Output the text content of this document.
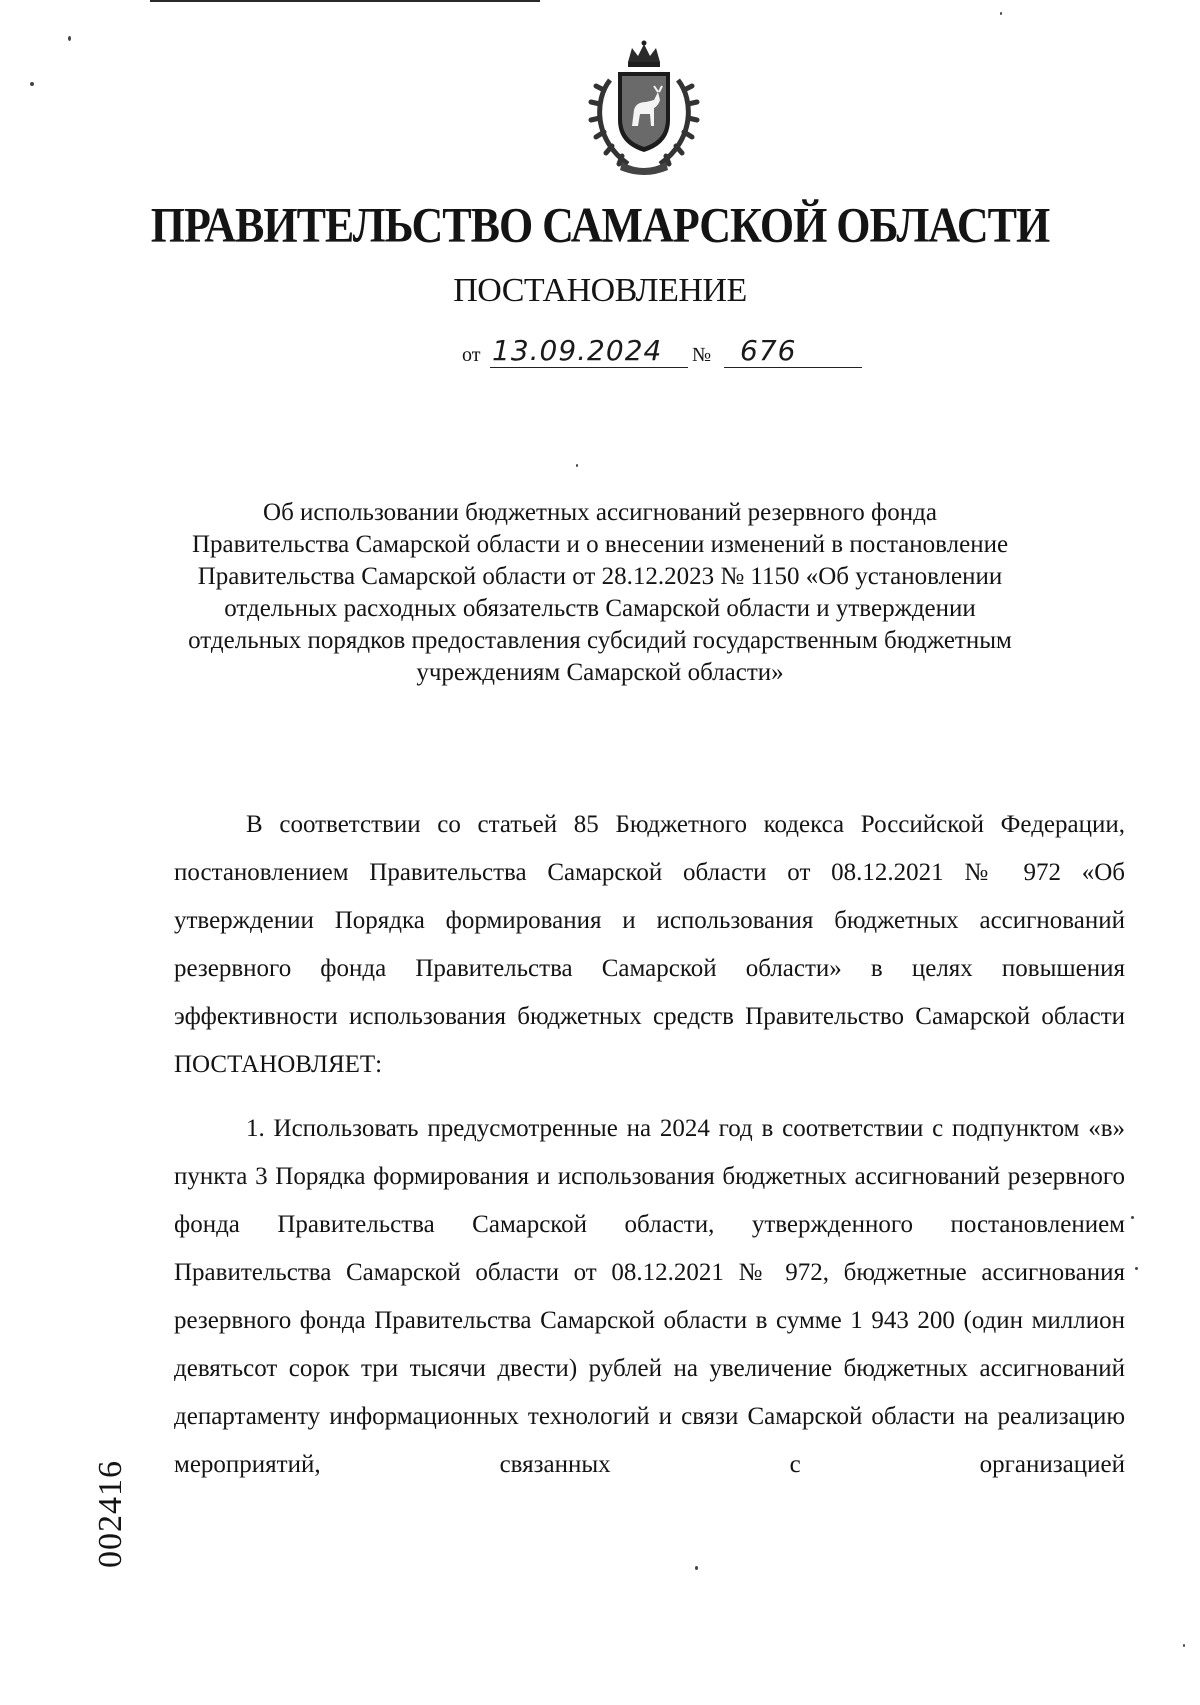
ПРАВИТЕЛЬСТВО САМАРСКОЙ ОБЛАСТИ
ПОСТАНОВЛЕНИЕ
от 13.09.2024 № 676
Об использовании бюджетных ассигнований резервного фонда
Правительства Самарской области и о внесении изменений в постановление
Правительства Самарской области от 28.12.2023 № 1150 «Об установлении
отдельных расходных обязательств Самарской области и утверждении
отдельных порядков предоставления субсидий государственным бюджетным
учреждениям Самарской области»

В соответствии со статьей 85 Бюджетного кодекса Российской Федерации, постановлением Правительства Самарской области от 08.12.2021 № 972 «Об утверждении Порядка формирования и использования бюджетных ассигнований резервного фонда Правительства Самарской области» в целях повышения эффективности использования бюджетных средств Правительство Самарской области ПОСТАНОВЛЯЕТ:

1. Использовать предусмотренные на 2024 год в соответствии с подпунктом «в» пункта 3 Порядка формирования и использования бюджетных ассигнований резервного фонда Правительства Самарской области, утвержденного постановлением Правительства Самарской области от 08.12.2021 № 972, бюджетные ассигнования резервного фонда Правительства Самарской области в сумме 1 943 200 (один миллион девятьсот сорок три тысячи двести) рублей на увеличение бюджетных ассигнований департаменту информационных технологий и связи Самарской области на реализацию мероприятий, связанных с организацией

002416
